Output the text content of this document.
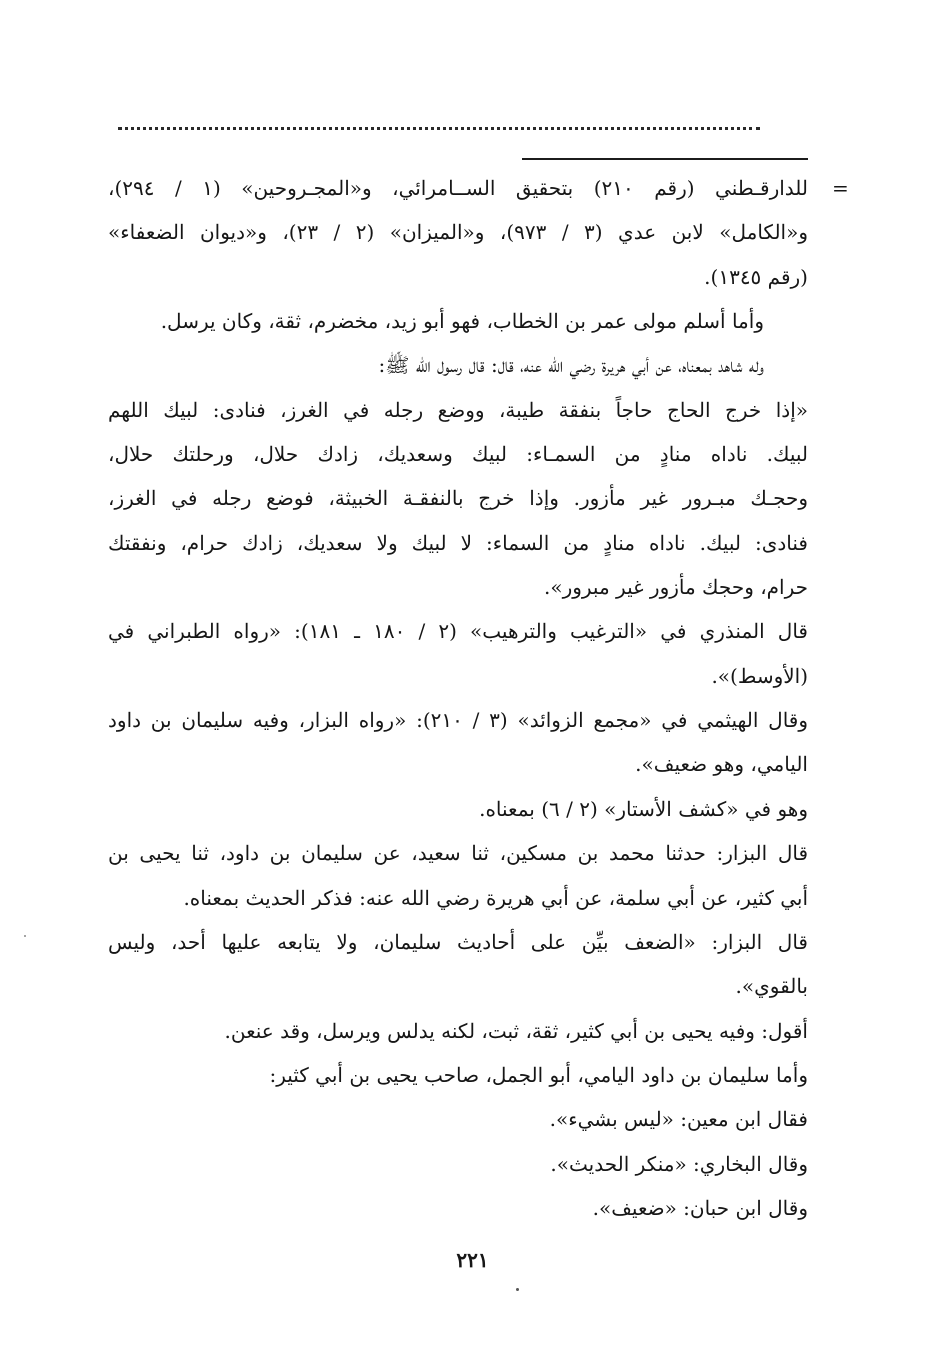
=
للدارقـطني (رقم ٢١٠) بتحقيق الســامرائي، و«المجـروحين» (١ / ٢٩٤)،
و«الكامل» لابن عدي (٣ / ٩٧٣)، و«الميزان» (٢ / ٢٣)، و«ديوان الضعفاء»
(رقم ١٣٤٥).
وأما أسلم مولى عمر بن الخطاب، فهو أبو زيد، مخضرم، ثقة، وكان يرسل.
وله شاهد بمعناه، عن أبي هريرة رضي الله عنه، قال: قال رسول الله ﷺ:
«إذا خرج الحاج حاجاً بنفقة طيبة، ووضع رجله في الغرز، فنادى: لبيك اللهم
لبيك. ناداه منادٍ من السمـاء: لبيك وسعديك، زادك حلال، ورحلتك حلال،
وحجـك مبـرور غير مأزور. وإذا خرج بالنفقـة الخبيثة، فوضع رجله في الغرز،
فنادى: لبيك. ناداه منادٍ من السماء: لا لبيك ولا سعديك، زادك حرام، ونفقتك
حرام، وحجك مأزور غير مبرور».
قال المنذري في «الترغيب والترهيب» (٢ / ١٨٠ ـ ١٨١): «رواه الطبراني في
(الأوسط)».
وقال الهيثمي في «مجمع الزوائد» (٣ / ٢١٠): «رواه البزار، وفيه سليمان بن داود
اليامي، وهو ضعيف».
وهو في «كشف الأستار» (٢ / ٦) بمعناه.
قال البزار: حدثنا محمد بن مسكين، ثنا سعيد، عن سليمان بن داود، ثنا يحيى بن
أبي كثير، عن أبي سلمة، عن أبي هريرة رضي الله عنه: فذكر الحديث بمعناه.
قال البزار: «الضعف بيِّن على أحاديث سليمان، ولا يتابعه عليها أحد، وليس
بالقوي».
أقول: وفيه يحيى بن أبي كثير، ثقة، ثبت، لكنه يدلس ويرسل، وقد عنعن.
وأما سليمان بن داود اليامي، أبو الجمل، صاحب يحيى بن أبي كثير:
فقال ابن معين: «ليس بشيء».
وقال البخاري: «منكر الحديث».
وقال ابن حبان: «ضعيف».
٢٢١
